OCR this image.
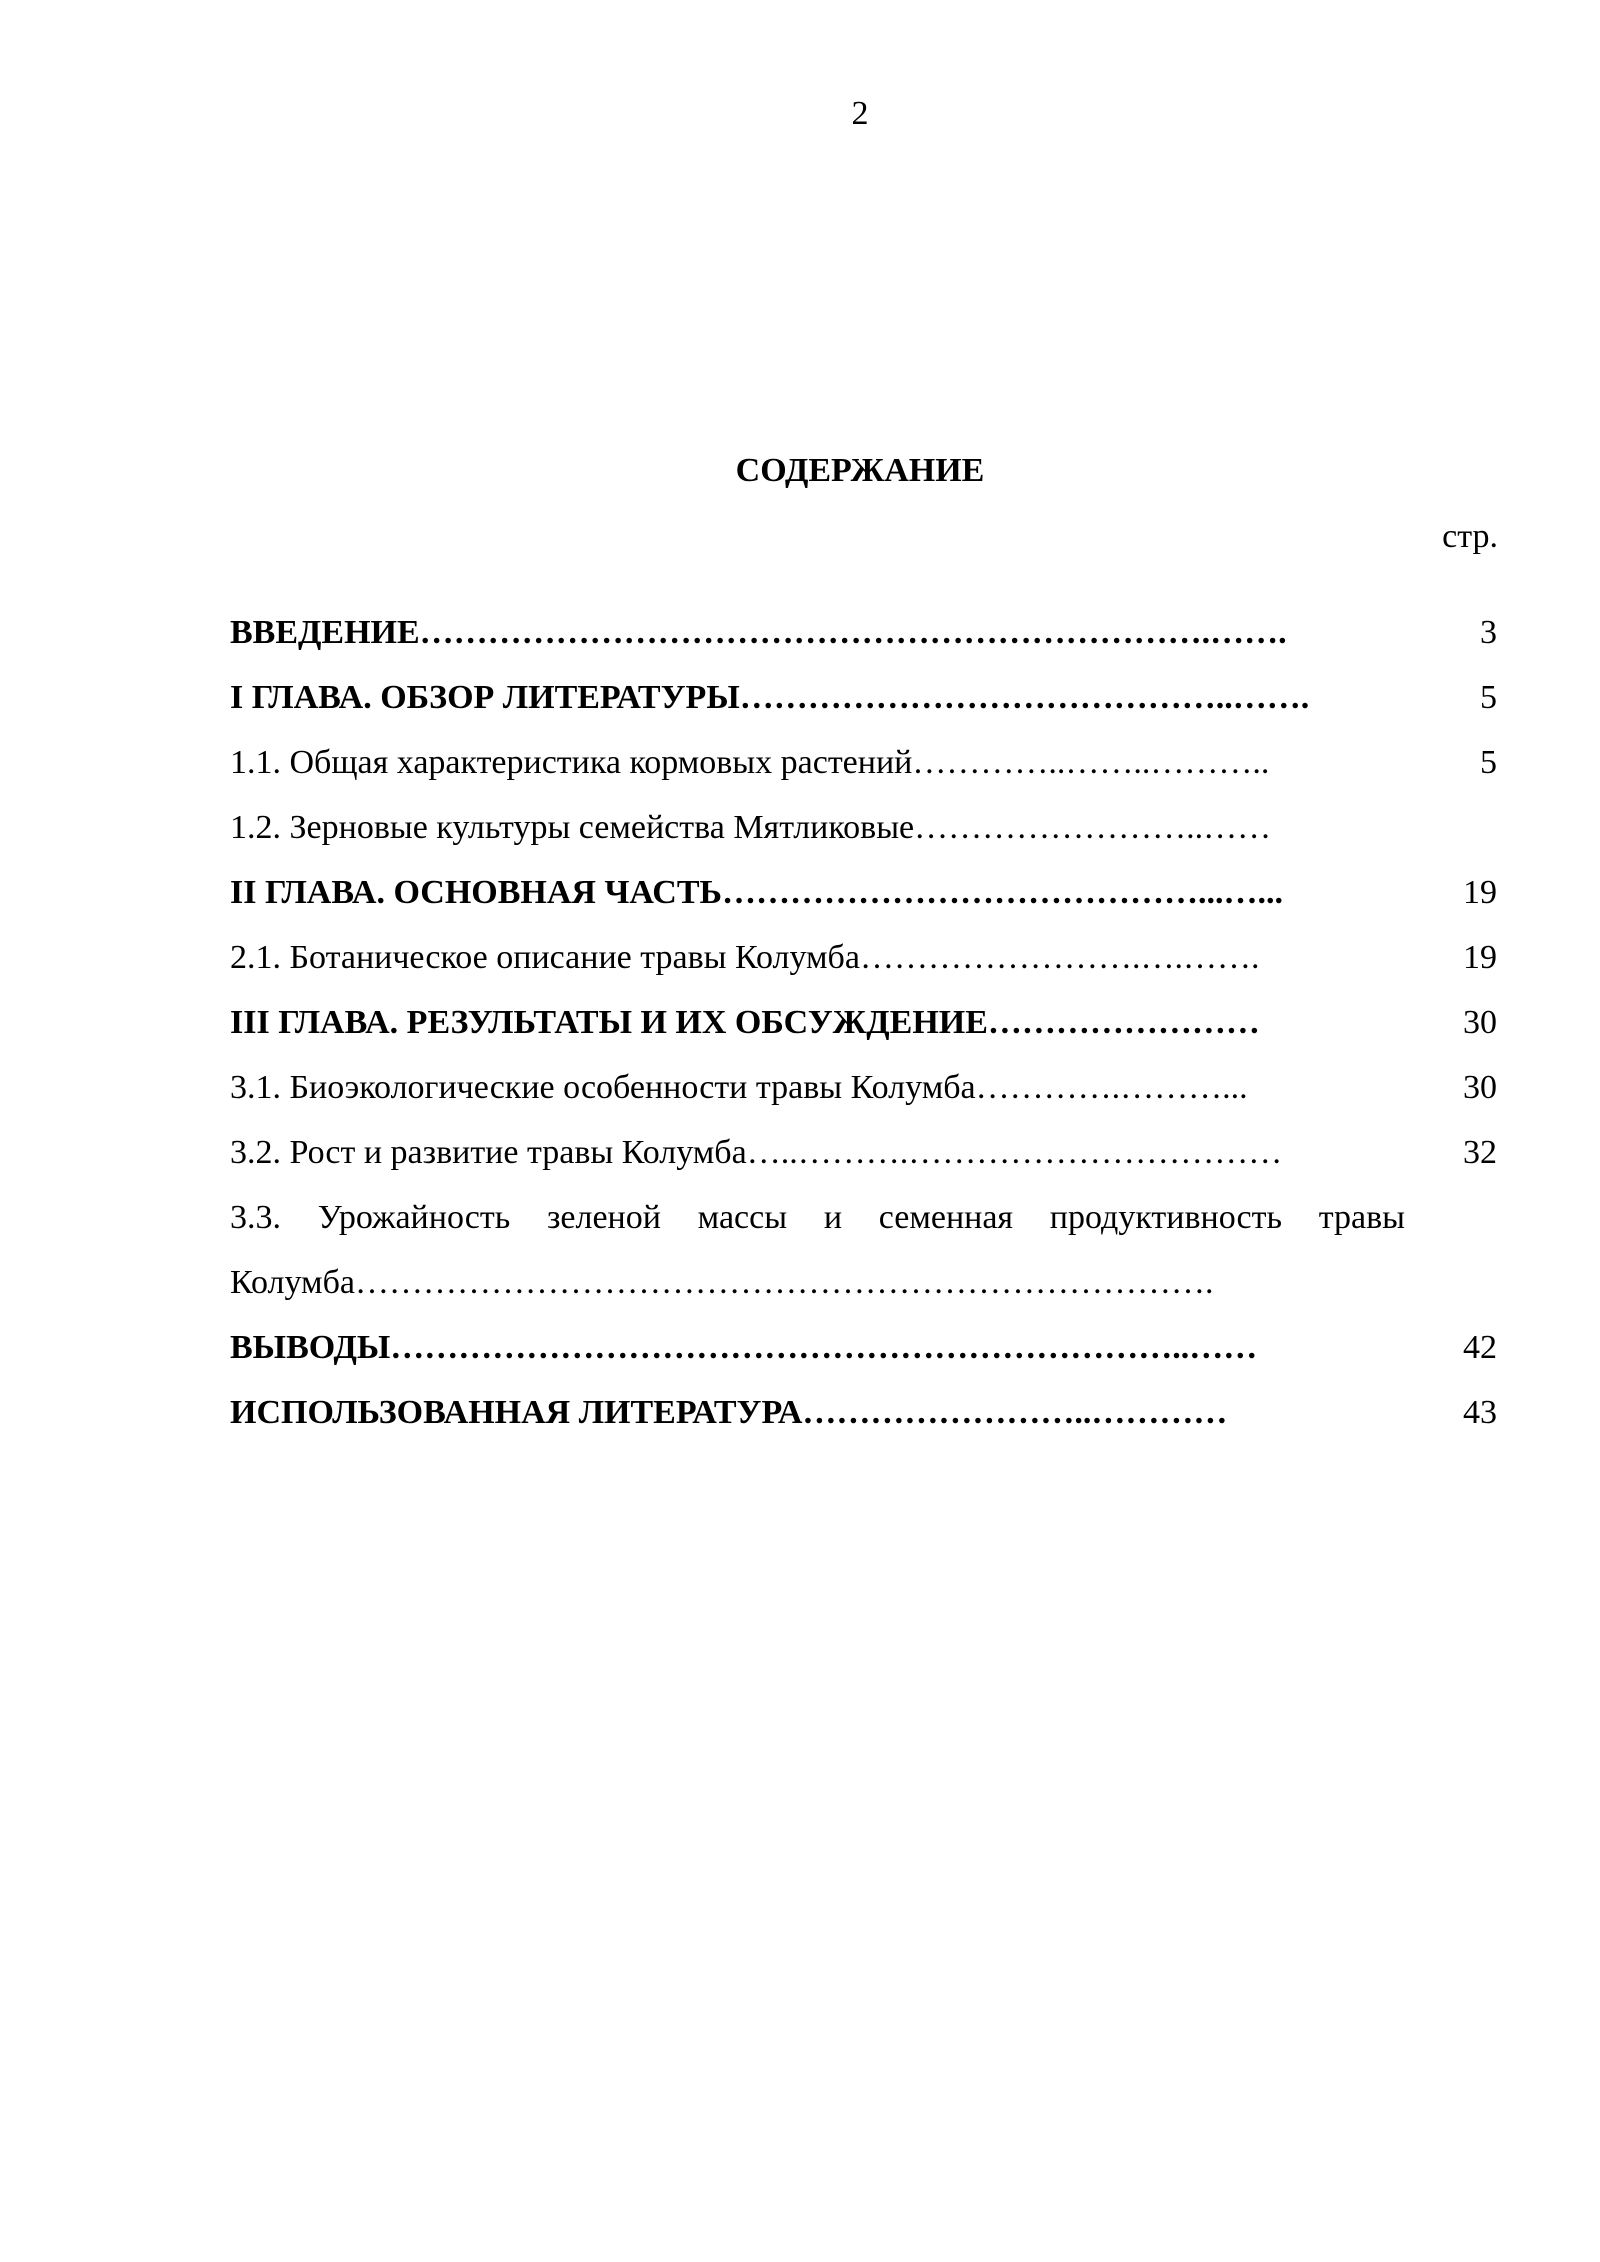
2
СОДЕРЖАНИЕ
стр.
ВВЕДЕНИЕ…………………………………………………………….…….	3
I ГЛАВА. ОБЗОР ЛИТЕРАТУРЫ……………………………………..…….	5
1.1. Общая характеристика кормовых растений…………..……..………..	5
1.2. Зерновые культуры семейства Мятликовые……………………..……
II ГЛАВА. ОСНОВНАЯ ЧАСТЬ……………………………………...…...	19
2.1. Ботаническое описание травы Колумба…………………….….…….	19
III ГЛАВА. РЕЗУЛЬТАТЫ И ИХ ОБСУЖДЕНИЕ……………………	30
3.1. Биоэкологические особенности травы Колумба………….………...	30
3.2. Рост и развитие травы Колумба…..……….……………………………	32
3.3. Урожайность зеленой массы и семенная продуктивность травы
Колумба………………………………………………………………….
ВЫВОДЫ……………………………………………………………..……	42
ИСПОЛЬЗОВАННАЯ ЛИТЕРАТУРА……………………..…………	43
